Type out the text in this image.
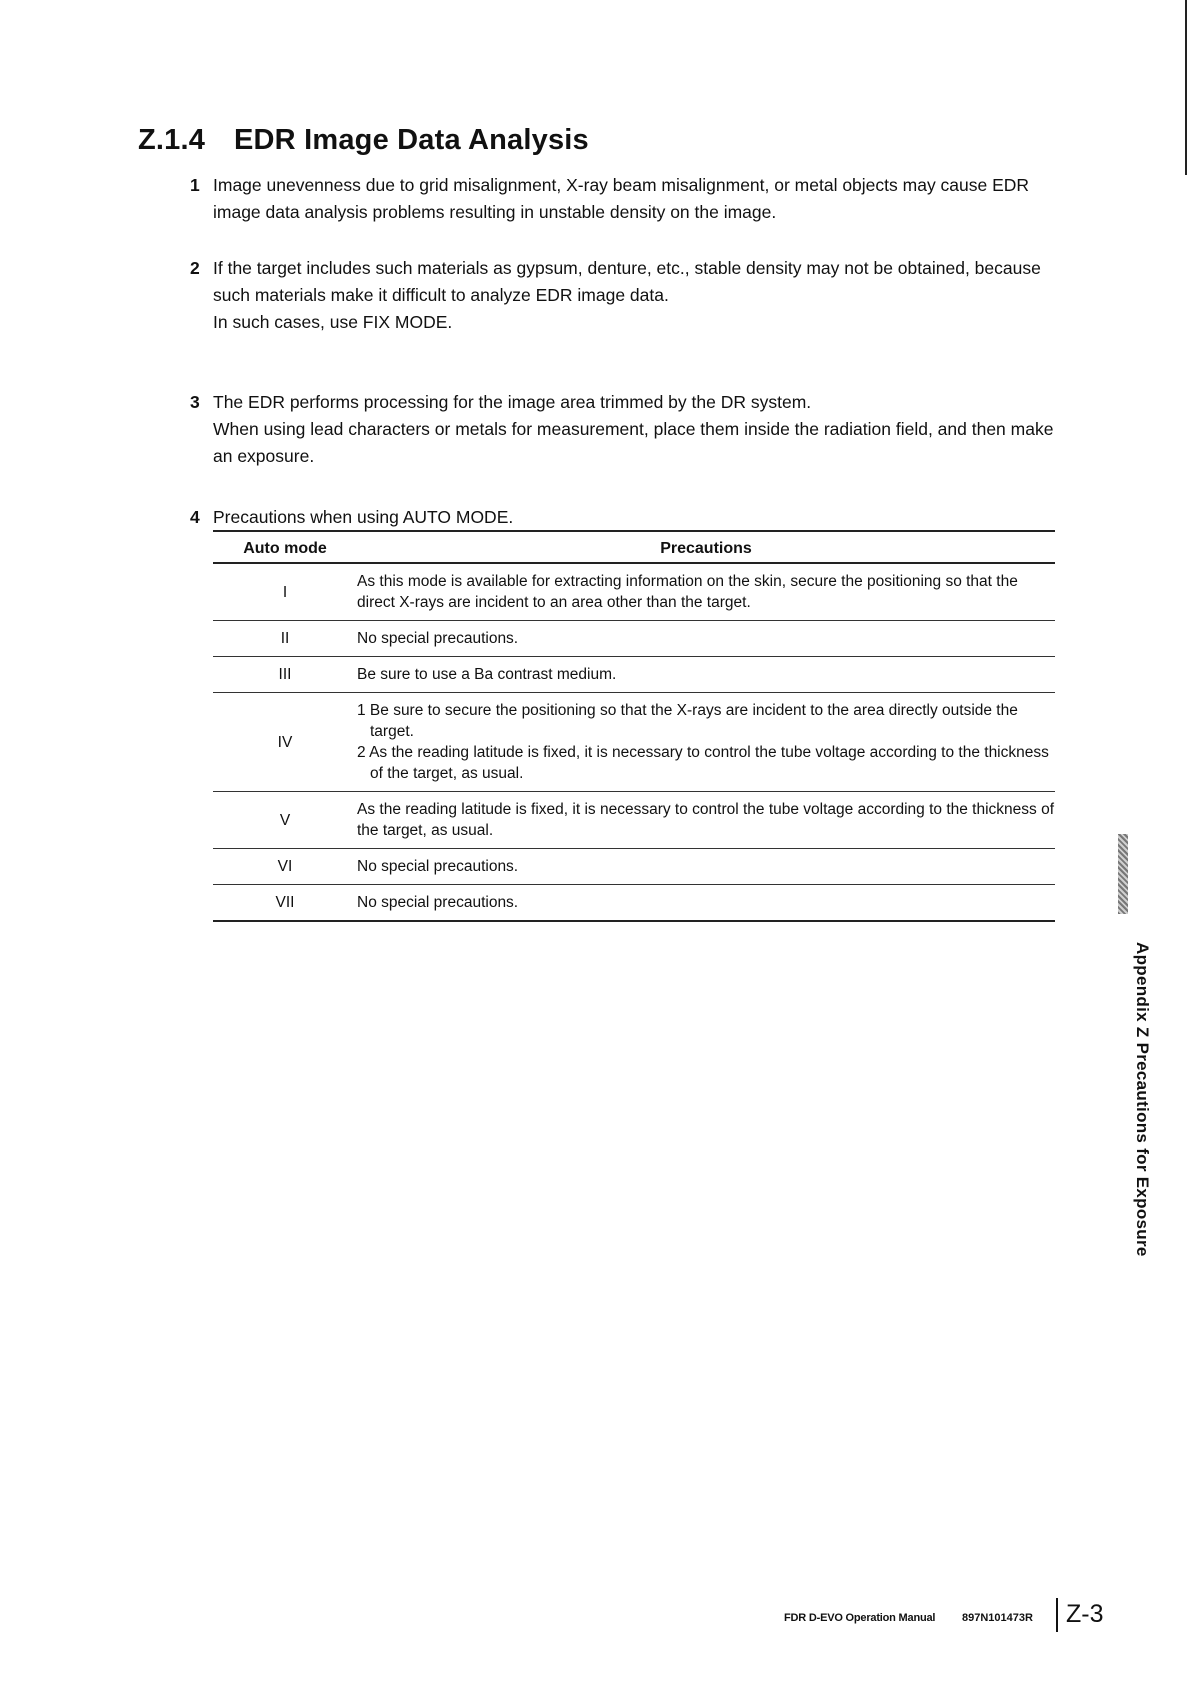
Z.1.4 EDR Image Data Analysis
1 Image unevenness due to grid misalignment, X-ray beam misalignment, or metal objects may cause EDR image data analysis problems resulting in unstable density on the image.

2 If the target includes such materials as gypsum, denture, etc., stable density may not be obtained, because such materials make it difficult to analyze EDR image data.

In such cases, use FIX MODE.

3 The EDR performs processing for the image area trimmed by the DR system.

When using lead characters or metals for measurement, place them inside the radiation field, and then make an exposure.

4 Precautions when using AUTO MODE.

Auto mode	Precautions
I	As this mode is available for extracting information on the skin, secure the positioning so that the direct X-rays are incident to an area other than the target.
II	No special precautions.
III	Be sure to use a Ba contrast medium.
IV	1 Be sure to secure the positioning so that the X-rays are incident to the area directly outside the target.
2 As the reading latitude is fixed, it is necessary to control the tube voltage according to the thickness of the target, as usual.

V	As the reading latitude is fixed, it is necessary to control the tube voltage according to the thickness of the target, as usual.
VI	No special precautions.
VII	No special precautions.
Appendix Z Precautions for Exposure
FDR D-EVO Operation Manual 897N101473R Z-3
